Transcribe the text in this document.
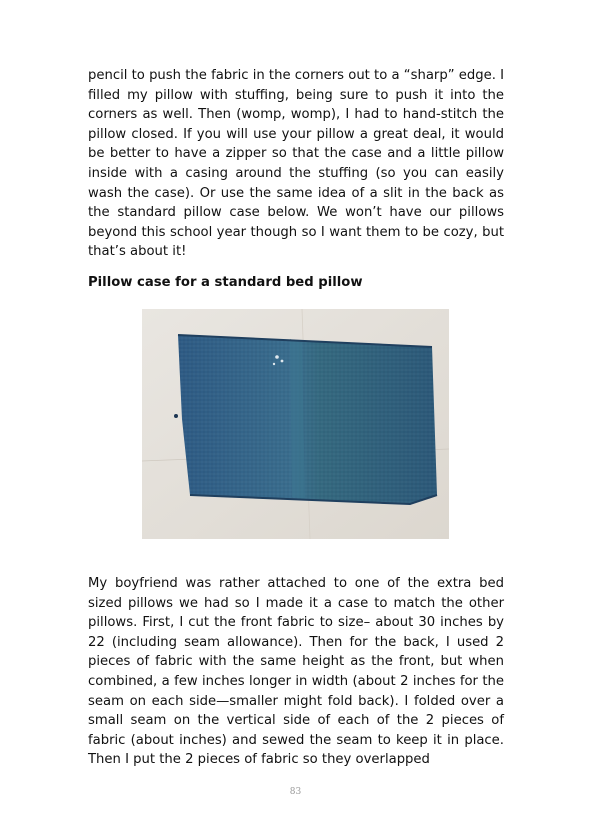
pencil to push the fabric in the corners out to a “sharp” edge. I filled my pillow with stuffing, being sure to push it into the corners as well. Then (womp, womp), I had to hand-stitch the pillow closed. If you will use your pillow a great deal, it would be better to have a zipper so that the case and a little pillow inside with a casing around the stuffing (so you can easily wash the case). Or use the same idea of a slit in the back as the standard pillow case below. We won’t have our pillows beyond this school year though so I want them to be cozy, but that’s about it!

Pillow case for a standard bed pillow

My boyfriend was rather attached to one of the extra bed sized pillows we had so I made it a case to match the other pillows. First, I cut the front fabric to size– about 30 inches by 22 (including seam allowance). Then for the back, I used 2 pieces of fabric with the same height as the front, but when combined, a few inches longer in width (about 2 inches for the seam on each side—smaller might fold back). I folded over a small seam on the vertical side of each of the 2 pieces of fabric (about inches) and sewed the seam to keep it in place. Then I put the 2 pieces of fabric so they overlapped

83
